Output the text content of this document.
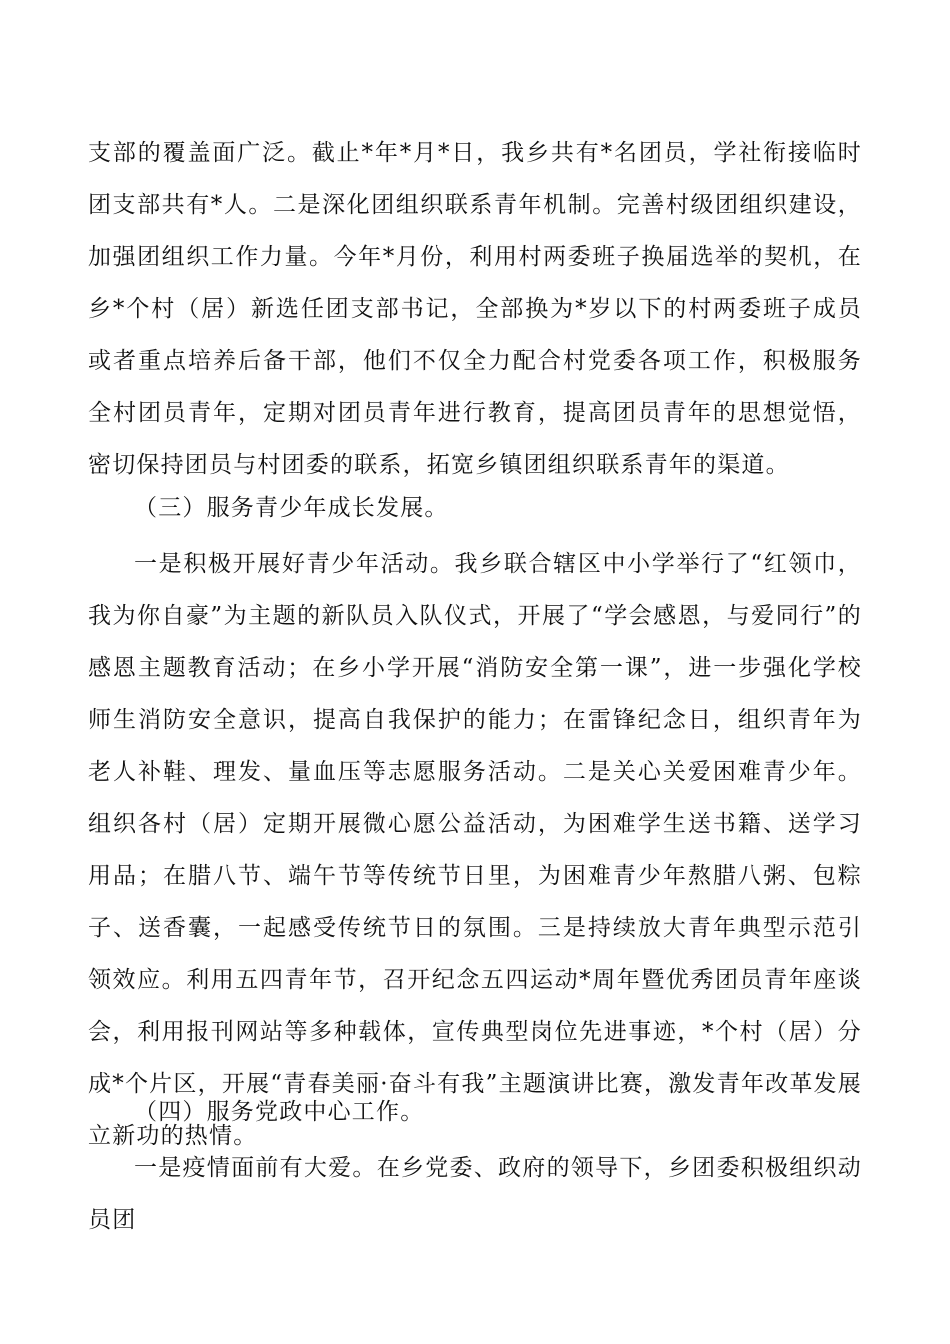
支部的覆盖面广泛。截止*年*月*日，我乡共有*名团员，学社衔接临时团支部共有*人。二是深化团组织联系青年机制。完善村级团组织建设，加强团组织工作力量。今年*月份，利用村两委班子换届选举的契机，在乡*个村（居）新选任团支部书记，全部换为*岁以下的村两委班子成员或者重点培养后备干部，他们不仅全力配合村党委各项工作，积极服务全村团员青年，定期对团员青年进行教育，提高团员青年的思想觉悟，密切保持团员与村团委的联系，拓宽乡镇团组织联系青年的渠道。
（三）服务青少年成长发展。
一是积极开展好青少年活动。我乡联合辖区中小学举行了“红领巾，我为你自豪”为主题的新队员入队仪式，开展了“学会感恩，与爱同行”的感恩主题教育活动；在乡小学开展“消防安全第一课”，进一步强化学校师生消防安全意识，提高自我保护的能力；在雷锋纪念日，组织青年为老人补鞋、理发、量血压等志愿服务活动。二是关心关爱困难青少年。组织各村（居）定期开展微心愿公益活动，为困难学生送书籍、送学习用品；在腊八节、端午节等传统节日里，为困难青少年熬腊八粥、包粽子、送香囊，一起感受传统节日的氛围。三是持续放大青年典型示范引领效应。利用五四青年节，召开纪念五四运动*周年暨优秀团员青年座谈会，利用报刊网站等多种载体，宣传典型岗位先进事迹，*个村（居）分成*个片区，开展“青春美丽·奋斗有我”主题演讲比赛，激发青年改革发展立新功的热情。
（四）服务党政中心工作。
一是疫情面前有大爱。在乡党委、政府的领导下，乡团委积极组织动员团
